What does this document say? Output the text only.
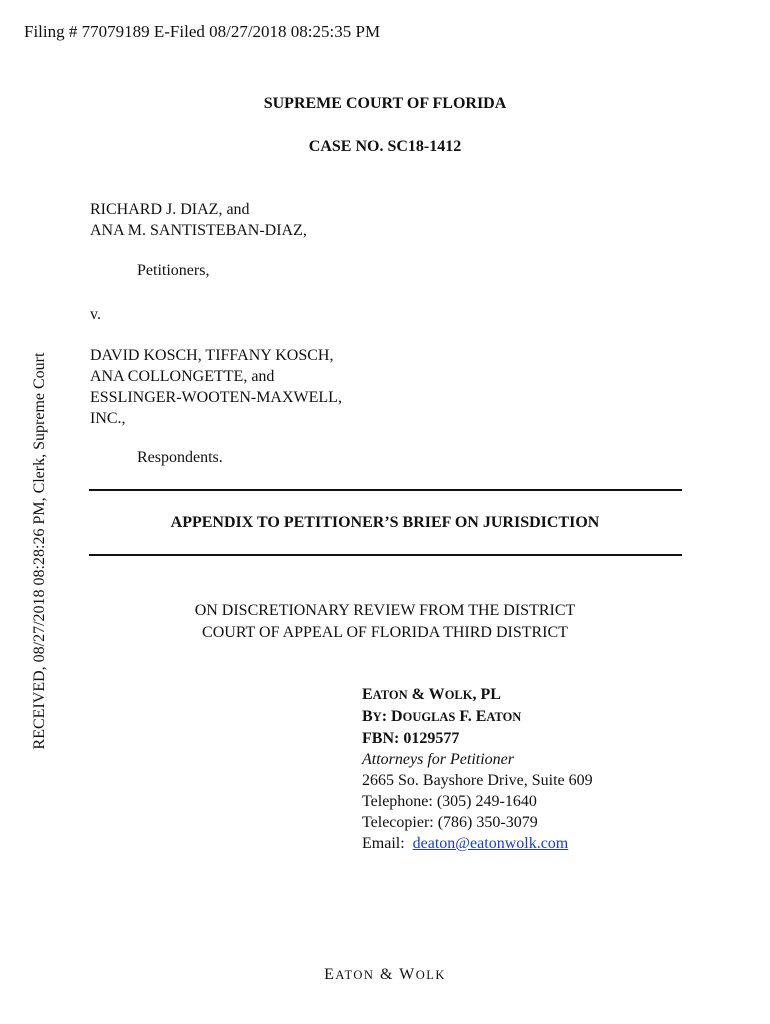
Filing # 77079189 E-Filed 08/27/2018 08:25:35 PM
RECEIVED, 08/27/2018 08:28:26 PM, Clerk, Supreme Court
SUPREME COURT OF FLORIDA
CASE NO. SC18-1412
RICHARD J. DIAZ, and
ANA M. SANTISTEBAN-DIAZ,
Petitioners,
v.
DAVID KOSCH, TIFFANY KOSCH,
ANA COLLONGETTE, and
ESSLINGER-WOOTEN-MAXWELL,
INC.,
Respondents.
APPENDIX TO PETITIONER’S BRIEF ON JURISDICTION
ON DISCRETIONARY REVIEW FROM THE DISTRICT
COURT OF APPEAL OF FLORIDA THIRD DISTRICT
EATON & WOLK, PL
BY: DOUGLAS F. EATON
FBN: 0129577
Attorneys for Petitioner
2665 So. Bayshore Drive, Suite 609
Telephone: (305) 249-1640
Telecopier: (786) 350-3079
Email: deaton@eatonwolk.com
EATON & WOLK
